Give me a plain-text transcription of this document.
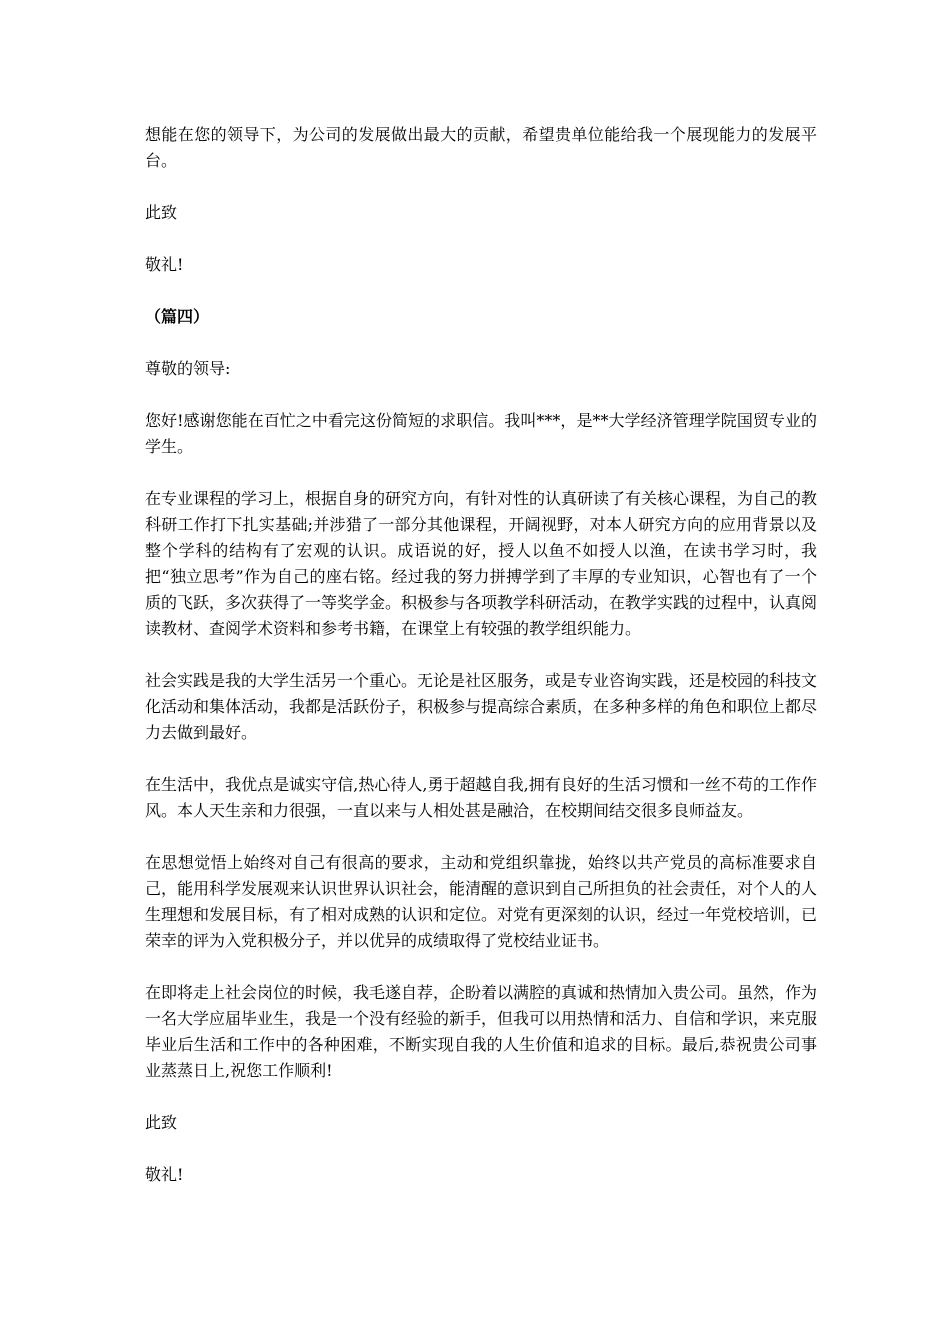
想能在您的领导下，为公司的发展做出最大的贡献，希望贵单位能给我一个展现能力的发展平台。

此致

敬礼!

（篇四）

尊敬的领导:

您好!感谢您能在百忙之中看完这份简短的求职信。我叫***，是**大学经济管理学院国贸专业的学生。

在专业课程的学习上，根据自身的研究方向，有针对性的认真研读了有关核心课程，为自己的教科研工作打下扎实基础;并涉猎了一部分其他课程，开阔视野，对本人研究方向的应用背景以及整个学科的结构有了宏观的认识。成语说的好，授人以鱼不如授人以渔，在读书学习时，我把“独立思考”作为自己的座右铭。经过我的努力拼搏学到了丰厚的专业知识，心智也有了一个质的飞跃，多次获得了一等奖学金。积极参与各项教学科研活动，在教学实践的过程中，认真阅读教材、查阅学术资料和参考书籍，在课堂上有较强的教学组织能力。

社会实践是我的大学生活另一个重心。无论是社区服务，或是专业咨询实践，还是校园的科技文化活动和集体活动，我都是活跃份子，积极参与提高综合素质，在多种多样的角色和职位上都尽力去做到最好。

在生活中，我优点是诚实守信,热心待人,勇于超越自我,拥有良好的生活习惯和一丝不苟的工作作风。本人天生亲和力很强，一直以来与人相处甚是融洽，在校期间结交很多良师益友。

在思想觉悟上始终对自己有很高的要求，主动和党组织靠拢，始终以共产党员的高标准要求自己，能用科学发展观来认识世界认识社会，能清醒的意识到自己所担负的社会责任，对个人的人生理想和发展目标，有了相对成熟的认识和定位。对党有更深刻的认识，经过一年党校培训，已荣幸的评为入党积极分子，并以优异的成绩取得了党校结业证书。

在即将走上社会岗位的时候，我毛遂自荐，企盼着以满腔的真诚和热情加入贵公司。虽然，作为一名大学应届毕业生，我是一个没有经验的新手，但我可以用热情和活力、自信和学识，来克服毕业后生活和工作中的各种困难，不断实现自我的人生价值和追求的目标。最后,恭祝贵公司事业蒸蒸日上,祝您工作顺利!

此致

敬礼!
